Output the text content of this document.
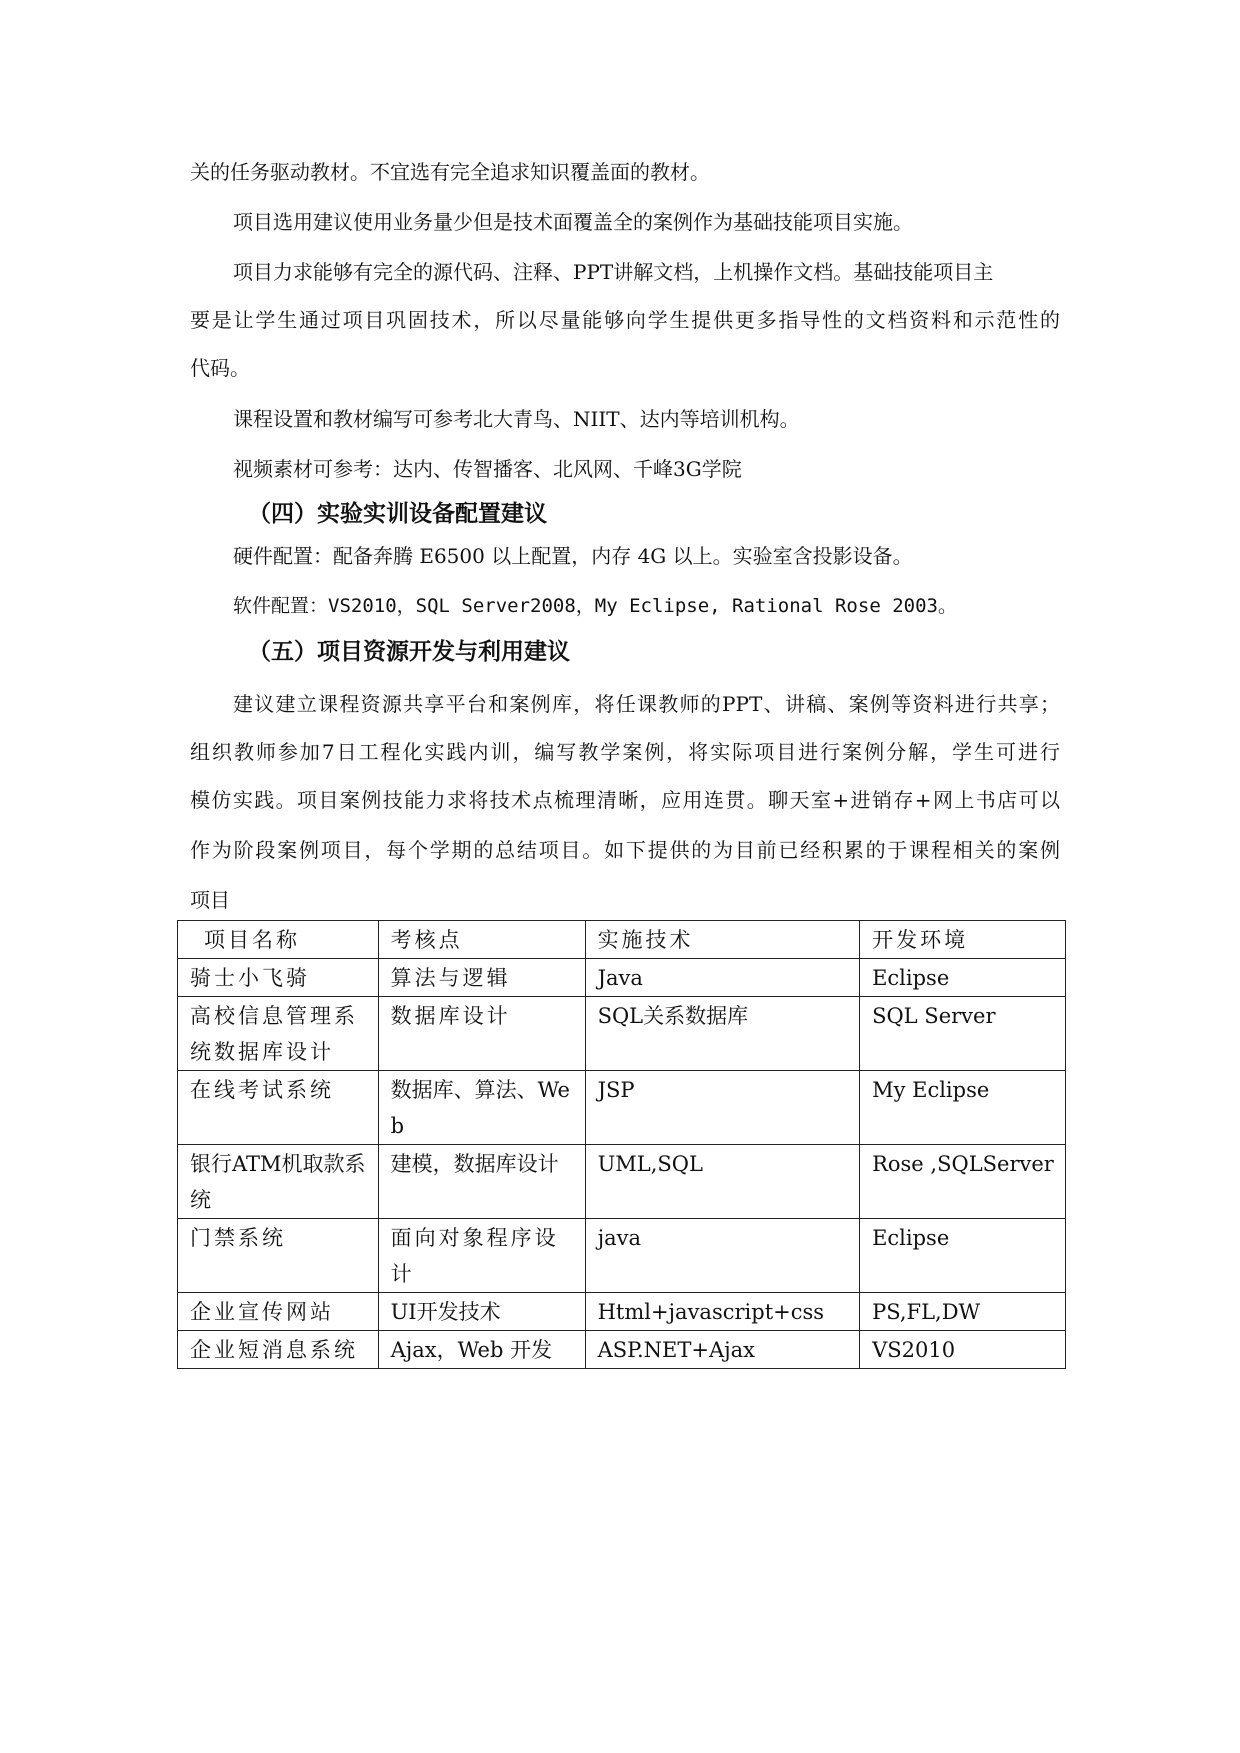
关的任务驱动教材。不宜选有完全追求知识覆盖面的教材。
项目选用建议使用业务量少但是技术面覆盖全的案例作为基础技能项目实施。
项目力求能够有完全的源代码、注释、PPT讲解文档，上机操作文档。基础技能项目主
要是让学生通过项目巩固技术，所以尽量能够向学生提供更多指导性的文档资料和示范性的
代码。
课程设置和教材编写可参考北大青鸟、NIIT、达内等培训机构。
视频素材可参考：达内、传智播客、北风网、千峰3G学院
（四）实验实训设备配置建议
硬件配置：配备奔腾 E6500 以上配置，内存 4G 以上。实验室含投影设备。
软件配置：VS2010，SQL Server2008，My Eclipse, Rational Rose 2003。
（五）项目资源开发与利用建议
建议建立课程资源共享平台和案例库，将任课教师的PPT、讲稿、案例等资料进行共享；
组织教师参加7日工程化实践内训，编写教学案例，将实际项目进行案例分解，学生可进行
模仿实践。项目案例技能力求将技术点梳理清晰，应用连贯。聊天室+进销存+网上书店可以
作为阶段案例项目，每个学期的总结项目。如下提供的为目前已经积累的于课程相关的案例
项目
项目名称	考核点	实施技术	开发环境
骑士小飞骑	算法与逻辑	Java	Eclipse
高校信息管理系统数据库设计	数据库设计	SQL关系数据库	SQL Server
在线考试系统	数据库、算法、Web	JSP	My Eclipse
银行ATM机取款系统	建模，数据库设计	UML,SQL	Rose ,SQLServer
门禁系统	面向对象程序设计	java	Eclipse
企业宣传网站	UI开发技术	Html+javascript+css	PS,FL,DW
企业短消息系统	Ajax，Web 开发	ASP.NET+Ajax	VS2010
